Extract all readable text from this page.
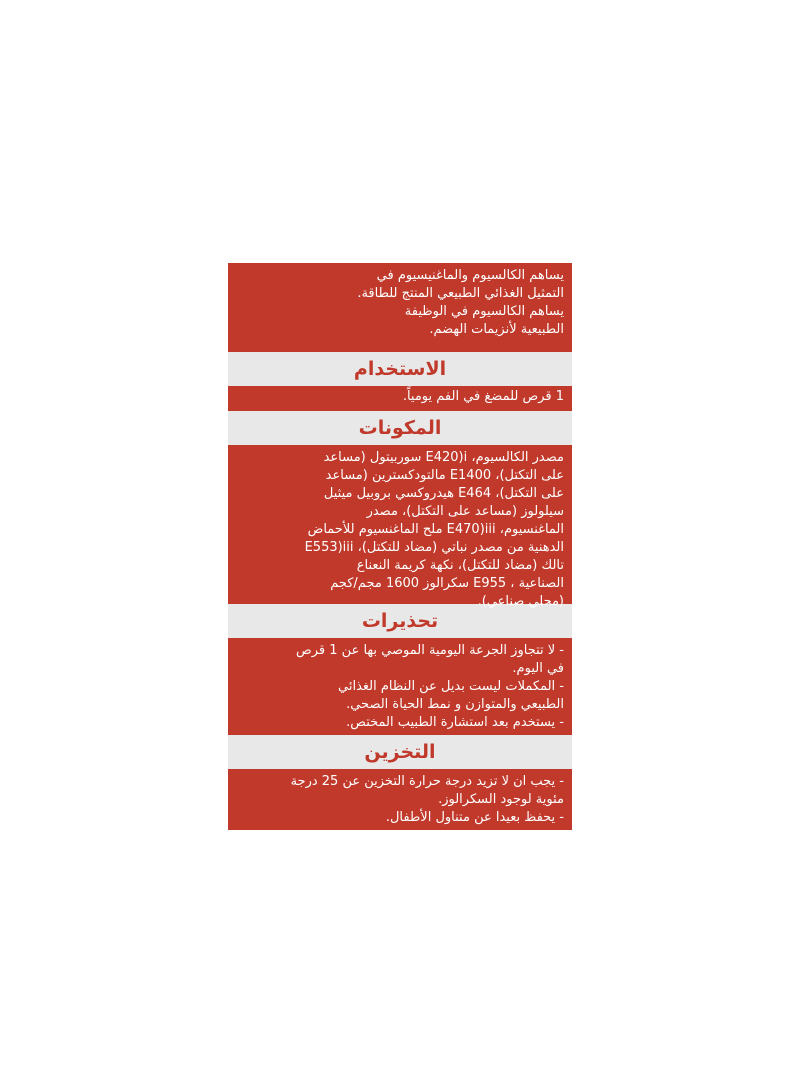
يساهم الكالسيوم والماغنيسيوم في
التمثيل الغذائي الطبيعي المنتج للطاقة.
يساهم الكالسيوم في الوظيفة
الطبيعية لأنزيمات الهضم.
الاستخدام
1 قرص للمضغ في الفم يومياً.
المكونات
مصدر الكالسيوم، E420)i سوربيتول (مساعد
على التكتل)، E1400 مالتودكسترين (مساعد
على التكتل)، E464 هيدروكسي بروبيل ميثيل
سيلولوز (مساعد على التكتل)، مصدر
الماغنسيوم، E470)iii ملح الماغنسيوم للأحماض
الدهنية من مصدر نباتي (مضاد للتكتل)، E553)iii
تالك (مضاد للتكتل)، نكهة كريمة النعناع
الصناعية ، E955 سكرالوز 1600 مجم/كجم
(محلي صناعي).
تحذيرات
- لا تتجاوز الجرعة اليومية الموصي بها عن 1 قرص
في اليوم.
- المكملات ليست بديل عن النظام الغذائي
الطبيعي والمتوازن و نمط الحياة الصحي.
- يستخدم بعد استشارة الطبيب المختص.
التخزين
- يجب ان لا تزيد درجة حرارة التخزين عن 25 درجة
مئوية لوجود السكرالوز.
- يحفظ بعيدا عن متناول الأطفال.
